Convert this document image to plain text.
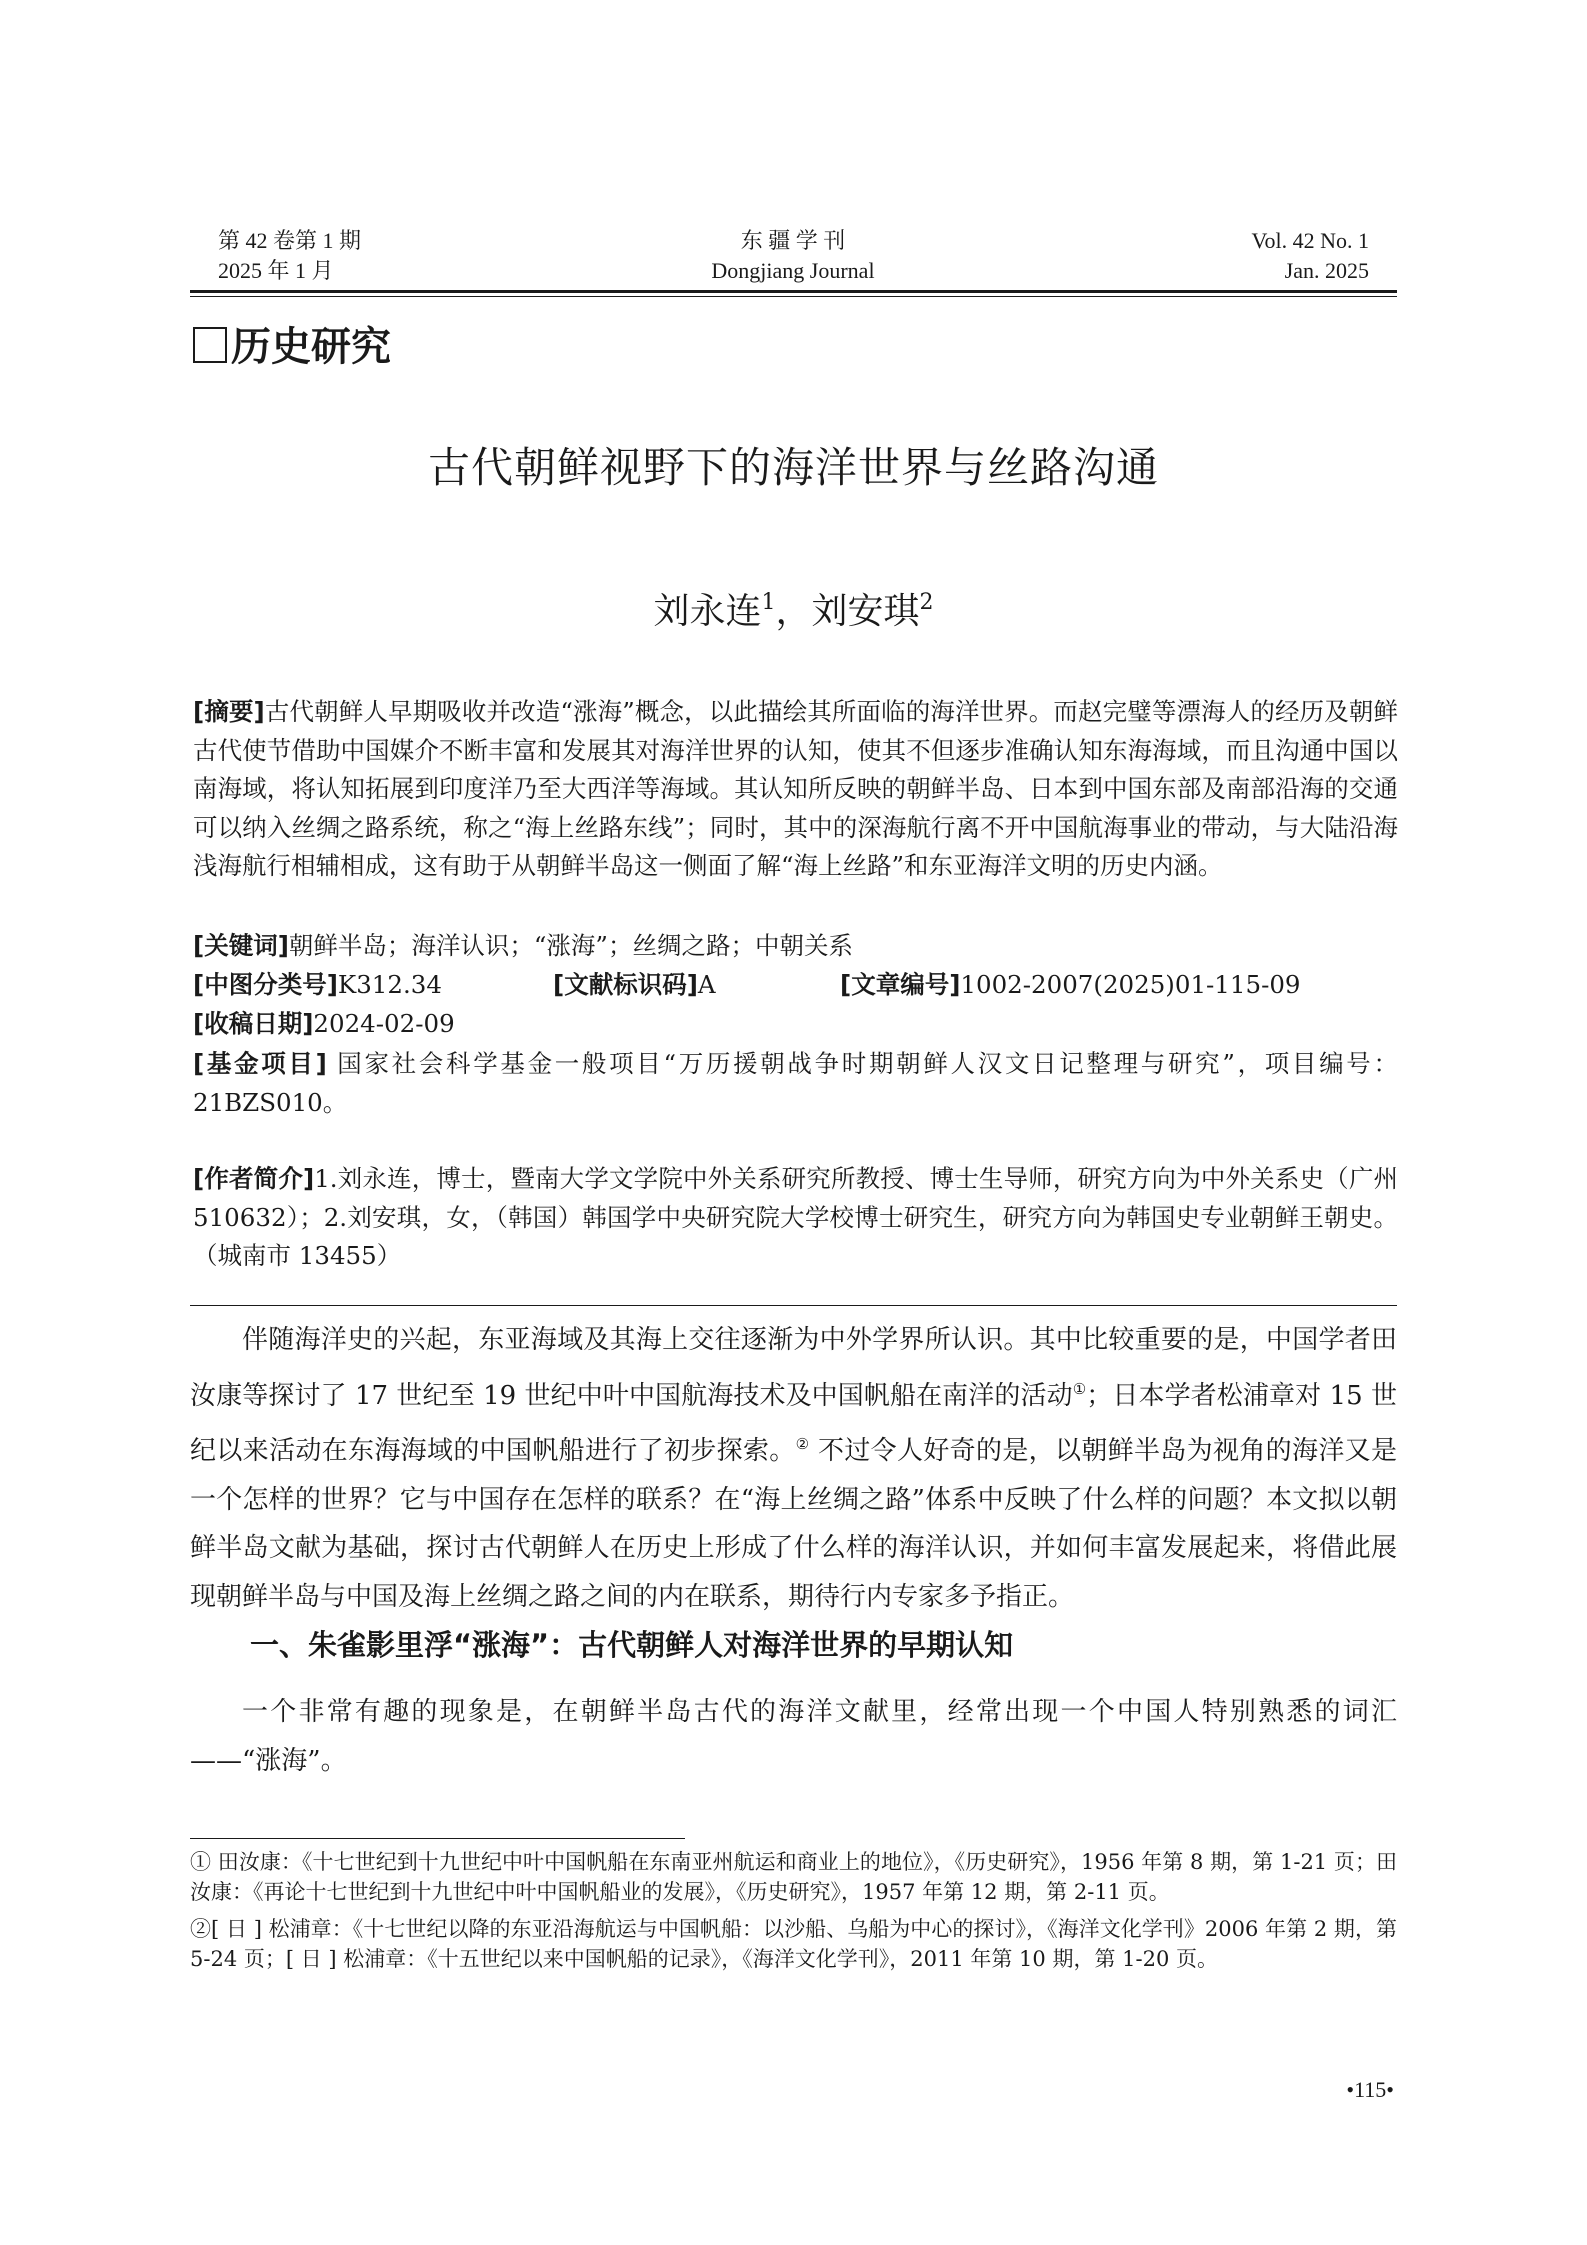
第 42 卷第 1 期
2025 年 1 月
东 疆 学 刊
Dongjiang Journal
Vol. 42 No. 1
Jan. 2025
历史研究
古代朝鲜视野下的海洋世界与丝路沟通
刘永连$^1$，刘安琪$^2$
[摘要]古代朝鲜人早期吸收并改造“涨海”概念，以此描绘其所面临的海洋世界。而赵完璧等漂海人的经历及朝鲜古代使节借助中国媒介不断丰富和发展其对海洋世界的认知，使其不但逐步准确认知东海海域，而且沟通中国以南海域，将认知拓展到印度洋乃至大西洋等海域。其认知所反映的朝鲜半岛、日本到中国东部及南部沿海的交通可以纳入丝绸之路系统，称之“海上丝路东线”；同时，其中的深海航行离不开中国航海事业的带动，与大陆沿海浅海航行相辅相成，这有助于从朝鲜半岛这一侧面了解“海上丝路”和东亚海洋文明的历史内涵。
[关键词]朝鲜半岛；海洋认识；“涨海”；丝绸之路；中朝关系
[中图分类号]K312.34	[文献标识码]A	[文章编号]1002-2007(2025)01-115-09
[收稿日期]2024-02-09
[基金项目] 国家社会科学基金一般项目“万历援朝战争时期朝鲜人汉文日记整理与研究”，项目编号：21BZS010。
[作者简介]1.刘永连，博士，暨南大学文学院中外关系研究所教授、博士生导师，研究方向为中外关系史（广州 510632）；2.刘安琪，女，（韩国）韩国学中央研究院大学校博士研究生，研究方向为韩国史专业朝鲜王朝史。（城南市 13455）

伴随海洋史的兴起，东亚海域及其海上交往逐渐为中外学界所认识。其中比较重要的是，中国学者田汝康等探讨了 17 世纪至 19 世纪中叶中国航海技术及中国帆船在南洋的活动①；日本学者松浦章对 15 世纪以来活动在东海海域的中国帆船进行了初步探索。② 不过令人好奇的是，以朝鲜半岛为视角的海洋又是一个怎样的世界？它与中国存在怎样的联系？在“海上丝绸之路”体系中反映了什么样的问题？本文拟以朝鲜半岛文献为基础，探讨古代朝鲜人在历史上形成了什么样的海洋认识，并如何丰富发展起来，将借此展现朝鲜半岛与中国及海上丝绸之路之间的内在联系，期待行内专家多予指正。

一、朱雀影里浮“涨海”：古代朝鲜人对海洋世界的早期认知

一个非常有趣的现象是，在朝鲜半岛古代的海洋文献里，经常出现一个中国人特别熟悉的词汇——“涨海”。

① 田汝康：《十七世纪到十九世纪中叶中国帆船在东南亚州航运和商业上的地位》，《历史研究》，1956 年第 8 期，第 1-21 页；田汝康：《再论十七世纪到十九世纪中叶中国帆船业的发展》，《历史研究》，1957 年第 12 期，第 2-11 页。

②[ 日 ] 松浦章：《十七世纪以降的东亚沿海航运与中国帆船：以沙船、乌船为中心的探讨》，《海洋文化学刊》2006 年第 2 期，第 5-24 页；[ 日 ] 松浦章：《十五世纪以来中国帆船的记录》，《海洋文化学刊》，2011 年第 10 期，第 1-20 页。

•115•
